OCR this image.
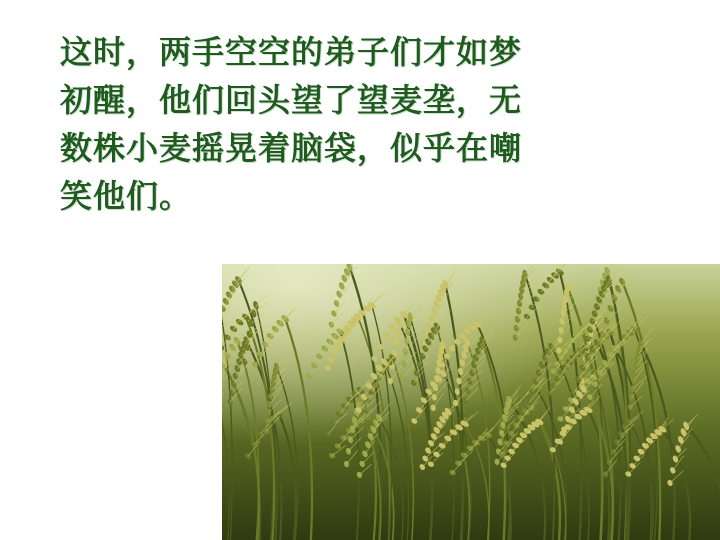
这时，两手空空的弟子们才如梦
初醒，他们回头望了望麦垄，无
数株小麦摇晃着脑袋，似乎在嘲
笑他们。
